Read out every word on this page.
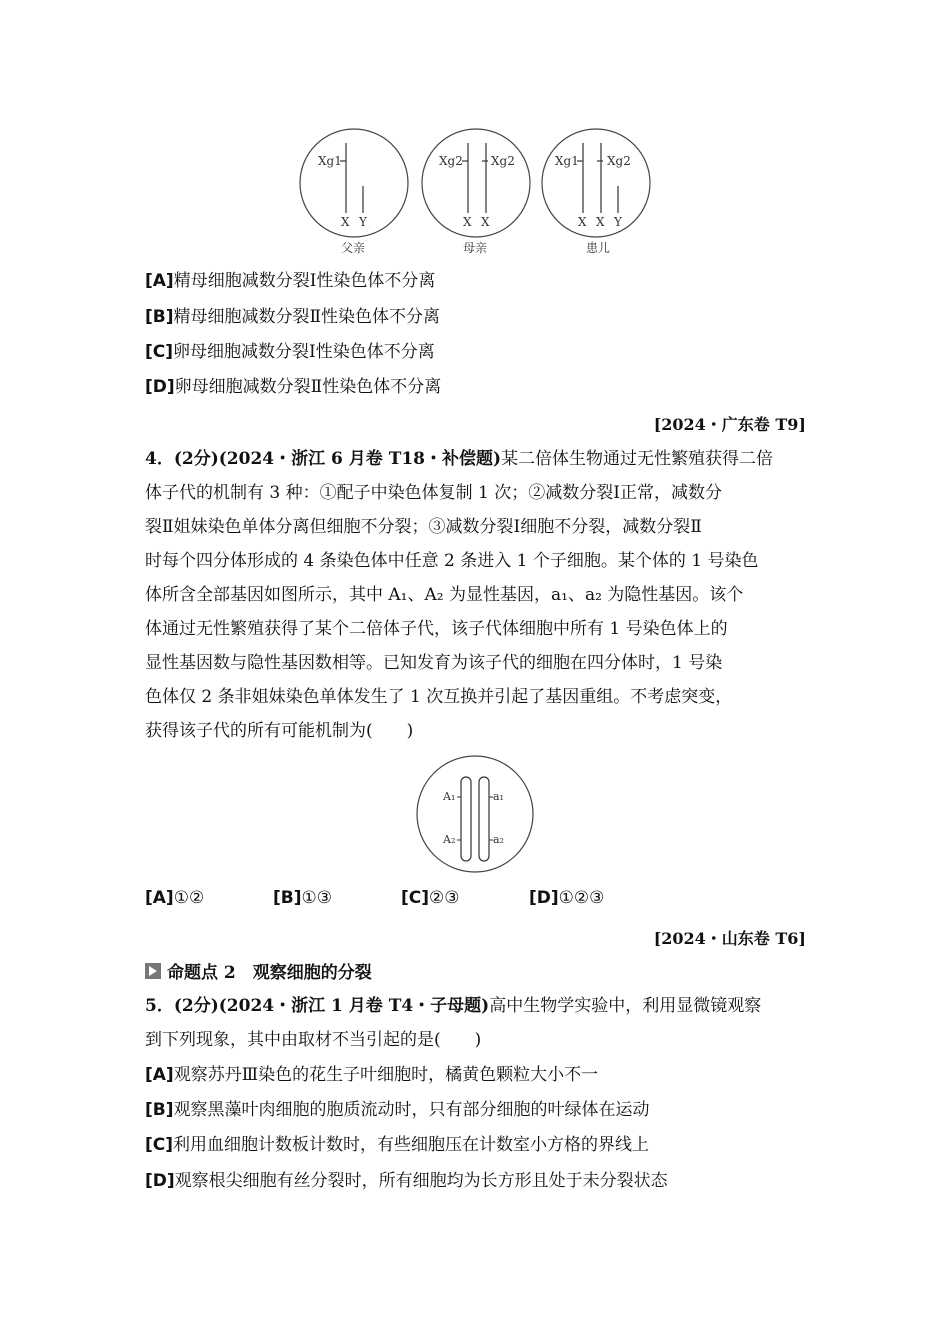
Xg1
X Y
父亲
Xg2 Xg2
X X
母亲
Xg1 Xg2
X X Y
患儿
[A]精母细胞减数分裂Ⅰ性染色体不分离
[B]精母细胞减数分裂Ⅱ性染色体不分离
[C]卵母细胞减数分裂Ⅰ性染色体不分离
[D]卵母细胞减数分裂Ⅱ性染色体不分离
[2024・广东卷 T9]
4．(2分)(2024・浙江 6 月卷 T18・补偿题)某二倍体生物通过无性繁殖获得二倍
体子代的机制有 3 种：①配子中染色体复制 1 次；②减数分裂Ⅰ正常，减数分
裂Ⅱ姐妹染色单体分离但细胞不分裂；③减数分裂Ⅰ细胞不分裂，减数分裂Ⅱ
时每个四分体形成的 4 条染色体中任意 2 条进入 1 个子细胞。某个体的 1 号染色
体所含全部基因如图所示，其中 A₁、A₂ 为显性基因，a₁、a₂ 为隐性基因。该个
体通过无性繁殖获得了某个二倍体子代，该子代体细胞中所有 1 号染色体上的
显性基因数与隐性基因数相等。已知发育为该子代的细胞在四分体时，1 号染
色体仅 2 条非姐妹染色单体发生了 1 次互换并引起了基因重组。不考虑突变，
获得该子代的所有可能机制为(　　)
A₁
A₂
a₁
a₂
[A]①②	[B]①③	[C]②③	[D]①②③
[2024・山东卷 T6]
命题点 2　观察细胞的分裂
5．(2分)(2024・浙江 1 月卷 T4・子母题)高中生物学实验中，利用显微镜观察
到下列现象，其中由取材不当引起的是(　　)
[A]观察苏丹Ⅲ染色的花生子叶细胞时，橘黄色颗粒大小不一
[B]观察黑藻叶肉细胞的胞质流动时，只有部分细胞的叶绿体在运动
[C]利用血细胞计数板计数时，有些细胞压在计数室小方格的界线上
[D]观察根尖细胞有丝分裂时，所有细胞均为长方形且处于未分裂状态
